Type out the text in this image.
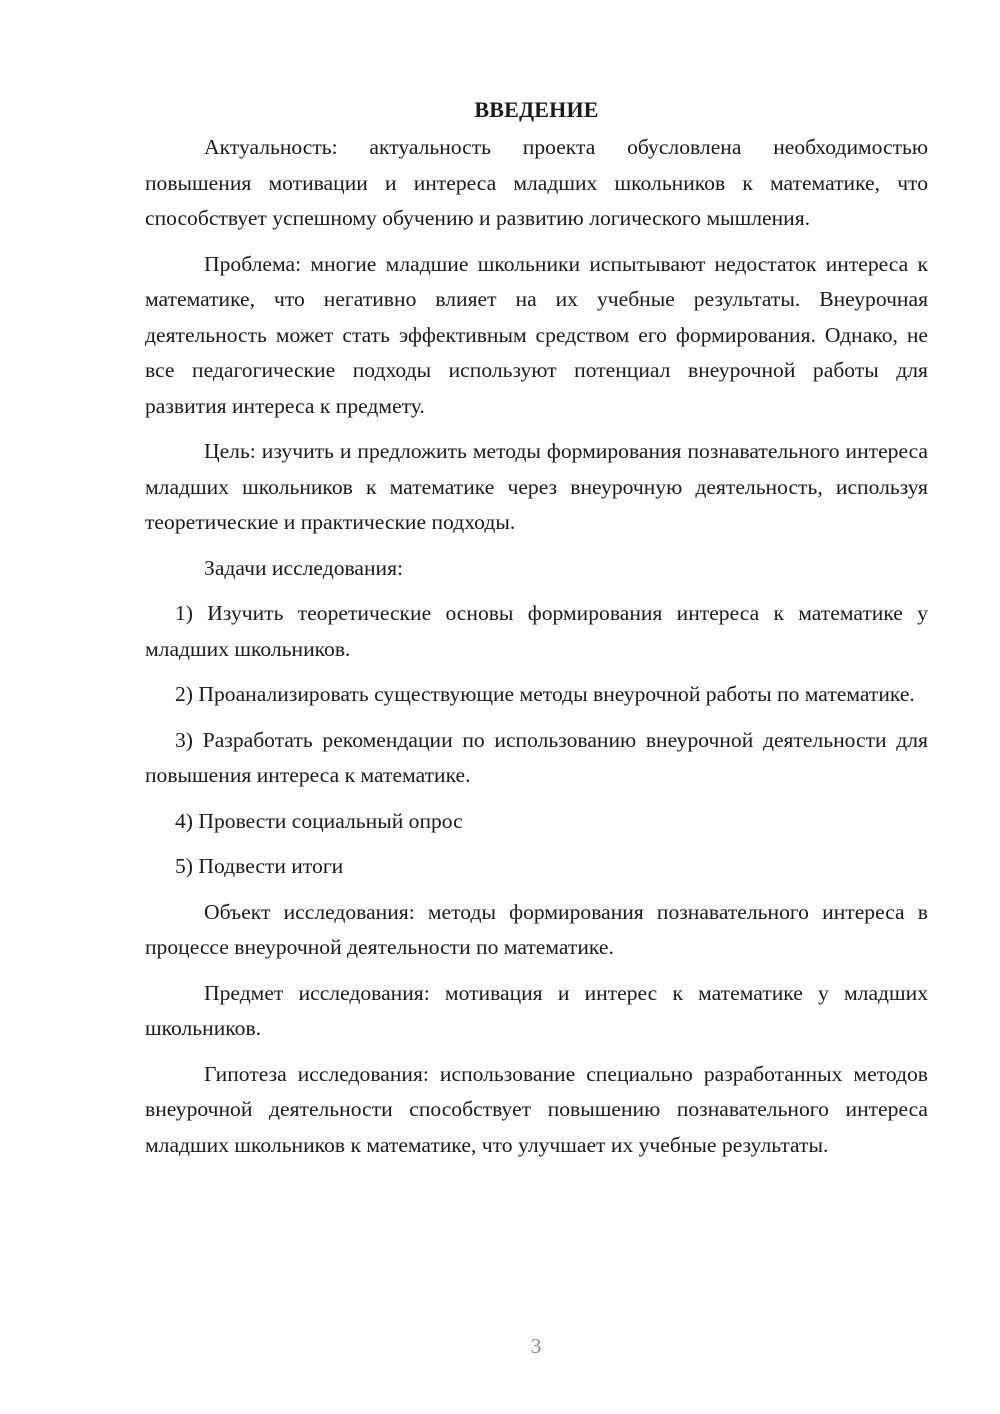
ВВЕДЕНИЕ

Актуальность: актуальность проекта обусловлена необходимостью повышения мотивации и интереса младших школьников к математике, что способствует успешному обучению и развитию логического мышления.

Проблема: многие младшие школьники испытывают недостаток интереса к математике, что негативно влияет на их учебные результаты. Внеурочная деятельность может стать эффективным средством его формирования. Однако, не все педагогические подходы используют потенциал внеурочной работы для развития интереса к предмету.

Цель: изучить и предложить методы формирования познавательного интереса младших школьников к математике через внеурочную деятельность, используя теоретические и практические подходы.

Задачи исследования:

1) Изучить теоретические основы формирования интереса к математике у младших школьников.

2) Проанализировать существующие методы внеурочной работы по математике.

3) Разработать рекомендации по использованию внеурочной деятельности для повышения интереса к математике.

4) Провести социальный опрос

5) Подвести итоги

Объект исследования: методы формирования познавательного интереса в процессе внеурочной деятельности по математике.

Предмет исследования: мотивация и интерес к математике у младших школьников.

Гипотеза исследования: использование специально разработанных методов внеурочной деятельности способствует повышению познавательного интереса младших школьников к математике, что улучшает их учебные результаты.

3
